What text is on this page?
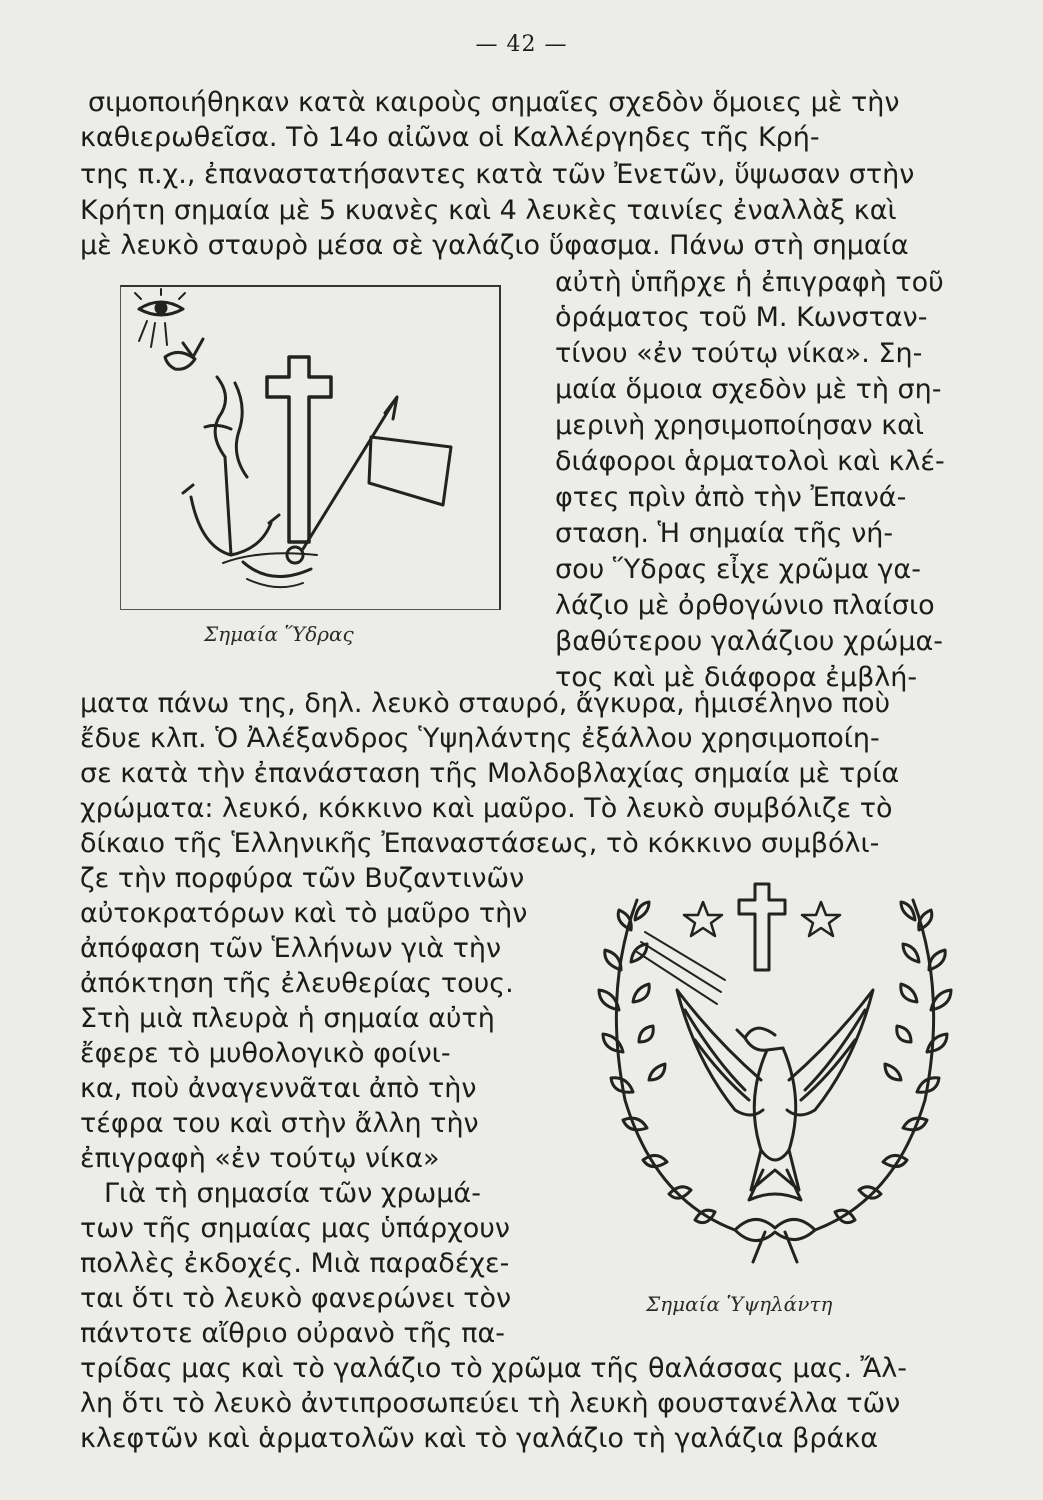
— 42 —
σιμοποιήθηκαν κατὰ καιροὺς σημαῖες σχεδὸν ὅμοιες μὲ τὴν
καθιερωθεῖσα. Τὸ 14ο αἰῶνα οἱ Καλλέργηδες τῆς Κρή-
της π.χ., ἐπαναστατήσαντες κατὰ τῶν Ἐνετῶν, ὕψωσαν στὴν
Κρήτη σημαία μὲ 5 κυανὲς καὶ 4 λευκὲς ταινίες ἐναλλὰξ καὶ
μὲ λευκὸ σταυρὸ μέσα σὲ γαλάζιο ὕφασμα. Πάνω στὴ σημαία
αὐτὴ ὑπῆρχε ἡ ἐπιγραφὴ τοῦ
ὁράματος τοῦ Μ. Κωνσταν-
τίνου «ἐν τούτῳ νίκα». Ση-
μαία ὅμοια σχεδὸν μὲ τὴ ση-
μερινὴ χρησιμοποίησαν καὶ
διάφοροι ἁρματολοὶ καὶ κλέ-
φτες πρὶν ἀπὸ τὴν Ἐπανά-
σταση. Ἡ σημαία τῆς νή-
σου Ὕδρας εἶχε χρῶμα γα-
λάζιο μὲ ὀρθογώνιο πλαίσιο
βαθύτερου γαλάζιου χρώμα-
τος καὶ μὲ διάφορα ἐμβλή-
ματα πάνω της, δηλ. λευκὸ σταυρό, ἄγκυρα, ἡμισέληνο ποὺ
ἔδυε κλπ. Ὁ Ἀλέξανδρος Ὑψηλάντης ἐξάλλου χρησιμοποίη-
σε κατὰ τὴν ἐπανάσταση τῆς Μολδοβλαχίας σημαία μὲ τρία
χρώματα: λευκό, κόκκινο καὶ μαῦρο. Τὸ λευκὸ συμβόλιζε τὸ
δίκαιο τῆς Ἑλληνικῆς Ἐπαναστάσεως, τὸ κόκκινο συμβόλι-
ζε τὴν πορφύρα τῶν Βυζαντινῶν
αὐτοκρατόρων καὶ τὸ μαῦρο τὴν
ἀπόφαση τῶν Ἑλλήνων γιὰ τὴν
ἀπόκτηση τῆς ἐλευθερίας τους.
Στὴ μιὰ πλευρὰ ἡ σημαία αὐτὴ
ἔφερε τὸ μυθολογικὸ φοίνι-
κα, ποὺ ἀναγεννᾶται ἀπὸ τὴν
τέφρα του καὶ στὴν ἄλλη τὴν
ἐπιγραφὴ «ἐν τούτῳ νίκα»
Γιὰ τὴ σημασία τῶν χρωμά-
των τῆς σημαίας μας ὑπάρχουν
πολλὲς ἐκδοχές. Μιὰ παραδέχε-
ται ὅτι τὸ λευκὸ φανερώνει τὸν
πάντοτε αἴθριο οὐρανὸ τῆς πα-
τρίδας μας καὶ τὸ γαλάζιο τὸ χρῶμα τῆς θαλάσσας μας. Ἄλ-
λη ὅτι τὸ λευκὸ ἀντιπροσωπεύει τὴ λευκὴ φουστανέλλα τῶν
κλεφτῶν καὶ ἁρματολῶν καὶ τὸ γαλάζιο τὴ γαλάζια βράκα
Σημαία Ὕδρας
Σημαία Ὑψηλάντη
